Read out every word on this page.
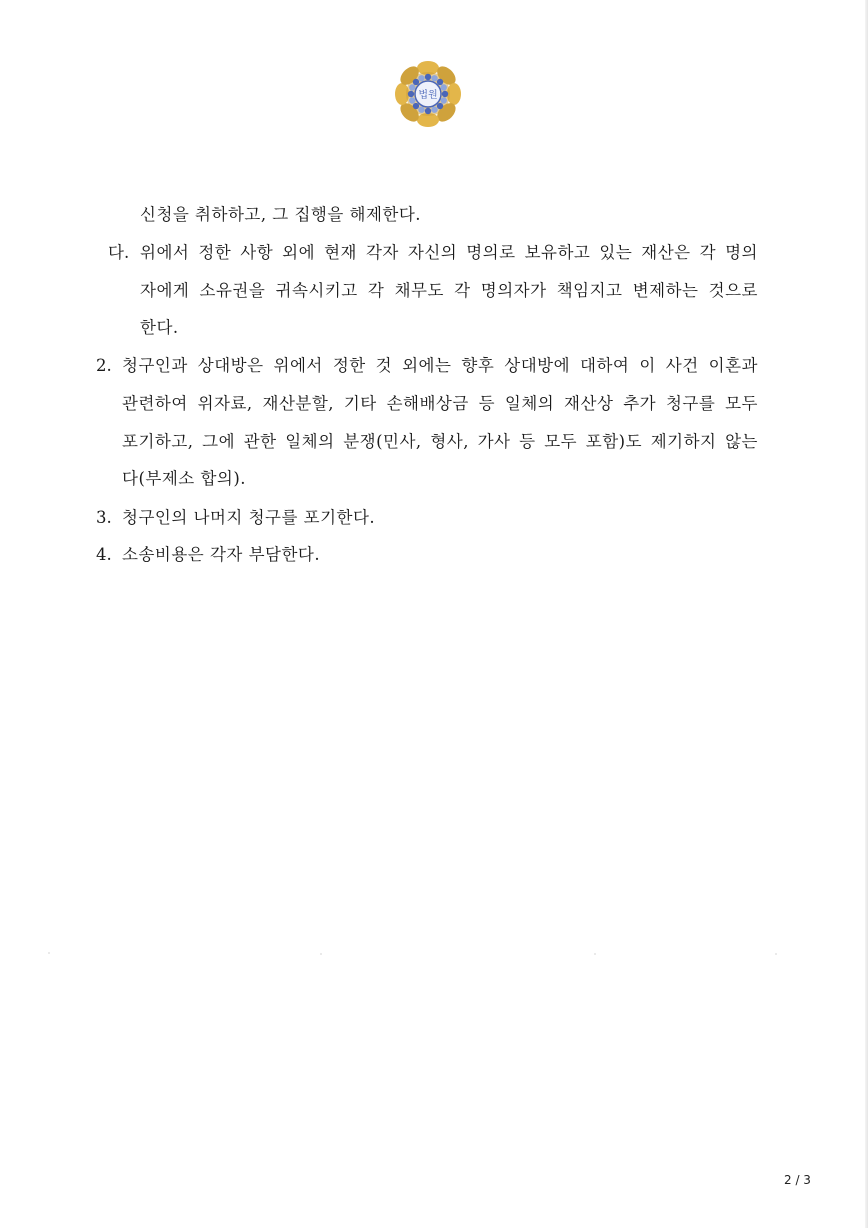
법원
신청을 취하하고, 그 집행을 해제한다.
다. 위에서 정한 사항 외에 현재 각자 자신의 명의로 보유하고 있는 재산은 각 명의
자에게 소유권을 귀속시키고 각 채무도 각 명의자가 책임지고 변제하는 것으로
한다.
2. 청구인과 상대방은 위에서 정한 것 외에는 향후 상대방에 대하여 이 사건 이혼과
관련하여 위자료, 재산분할, 기타 손해배상금 등 일체의 재산상 추가 청구를 모두
포기하고, 그에 관한 일체의 분쟁(민사, 형사, 가사 등 모두 포함)도 제기하지 않는
다(부제소 합의).
3. 청구인의 나머지 청구를 포기한다.
4. 소송비용은 각자 부담한다.
2 / 3
